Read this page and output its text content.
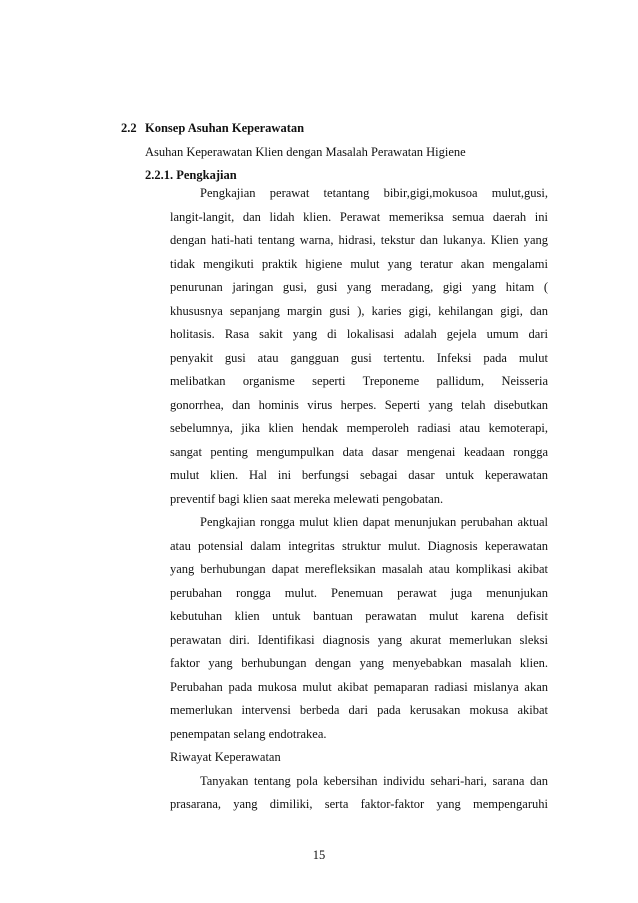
2.2 Konsep Asuhan Keperawatan
Asuhan Keperawatan Klien dengan Masalah Perawatan Higiene
2.2.1. Pengkajian
Pengkajian perawat tetantang bibir,gigi,mokusoa mulut,gusi,
langit-langit, dan lidah klien. Perawat memeriksa semua daerah ini
dengan hati-hati tentang warna, hidrasi, tekstur dan lukanya. Klien yang
tidak mengikuti praktik higiene mulut yang teratur akan mengalami
penurunan jaringan gusi, gusi yang meradang, gigi yang hitam (
khususnya sepanjang margin gusi ), karies gigi, kehilangan gigi, dan
holitasis. Rasa sakit yang di lokalisasi adalah gejela umum dari
penyakit gusi atau gangguan gusi tertentu. Infeksi pada mulut
melibatkan organisme seperti Treponeme pallidum, Neisseria
gonorrhea, dan hominis virus herpes. Seperti yang telah disebutkan
sebelumnya, jika klien hendak memperoleh radiasi atau kemoterapi,
sangat penting mengumpulkan data dasar mengenai keadaan rongga
mulut klien. Hal ini berfungsi sebagai dasar untuk keperawatan
preventif bagi klien saat mereka melewati pengobatan.
Pengkajian rongga mulut klien dapat menunjukan perubahan aktual
atau potensial dalam integritas struktur mulut. Diagnosis keperawatan
yang berhubungan dapat merefleksikan masalah atau komplikasi akibat
perubahan rongga mulut. Penemuan perawat juga menunjukan
kebutuhan klien untuk bantuan perawatan mulut karena defisit
perawatan diri. Identifikasi diagnosis yang akurat memerlukan sleksi
faktor yang berhubungan dengan yang menyebabkan masalah klien.
Perubahan pada mukosa mulut akibat pemaparan radiasi mislanya akan
memerlukan intervensi berbeda dari pada kerusakan mokusa akibat
penempatan selang endotrakea.
Riwayat Keperawatan
Tanyakan tentang pola kebersihan individu sehari-hari, sarana dan
prasarana, yang dimiliki, serta faktor-faktor yang mempengaruhi
15
